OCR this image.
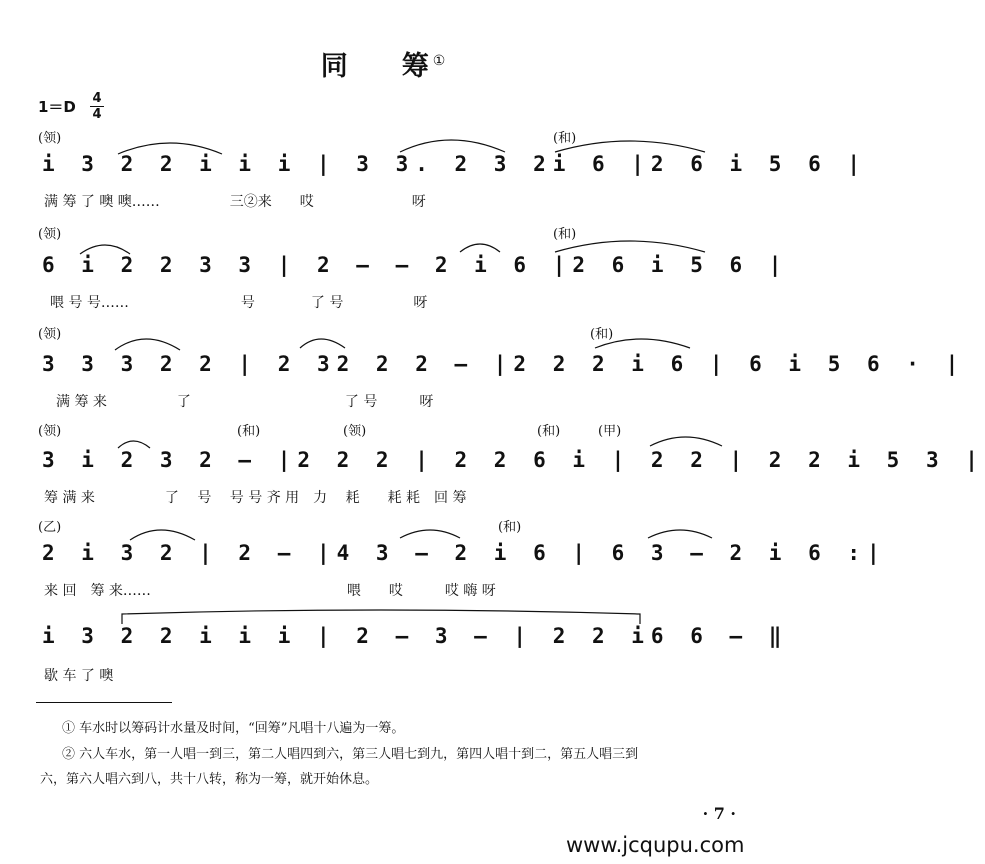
同　　筹 ①
1＝D 4
4
(领)	(和)
i 3 2 2 i i i | 3 3. 2 3 2i 6 |2 6 i 5 6 |
满 筹 了 噢 噢……　　　　　三②来　　哎　　　　　　　呀
(领)	(和)
6 i 2 2 3 3 | 2 – – 2 i 6 |2 6 i 5 6 |
喂 号 号……　　　　　　　　号　　　　了 号　　　　　呀
(领)	(和)
3 3 3 2 2 | 2 32 2 2 – |2 2 2 i 6 | 6 i 5 6 · |
满 筹 来　　　　　了　　　　　　　　　　　了 号　　　呀
(领)	(和)	(领)	(和)	(甲)
3 i 2 3 2 – |2 2 2 | 2 2 6 i | 2 2 | 2 2 i 5 3 |
筹 满 来　　　　　了　 号　 号 号 齐 用　力　 耗　　耗 耗　回 筹
(乙)	(和)
2 i 3 2 | 2 – |4 3 – 2 i 6 | 6 3 – 2 i 6 :|
来 回　筹 来……　　　　　　　　　　　　　　喂　　哎　　　哎 嗨 呀
i 3 2 2 i i i | 2 – 3 – | 2 2 i6 6 – ‖
歇 车 了 噢
① 车水时以筹码计水量及时间，“回筹”凡唱十八遍为一筹。
② 六人车水，第一人唱一到三，第二人唱四到六，第三人唱七到九，第四人唱十到二，第五人唱三到
六，第六人唱六到八，共十八转，称为一筹，就开始休息。
· 7 ·
www.jcqupu.com
